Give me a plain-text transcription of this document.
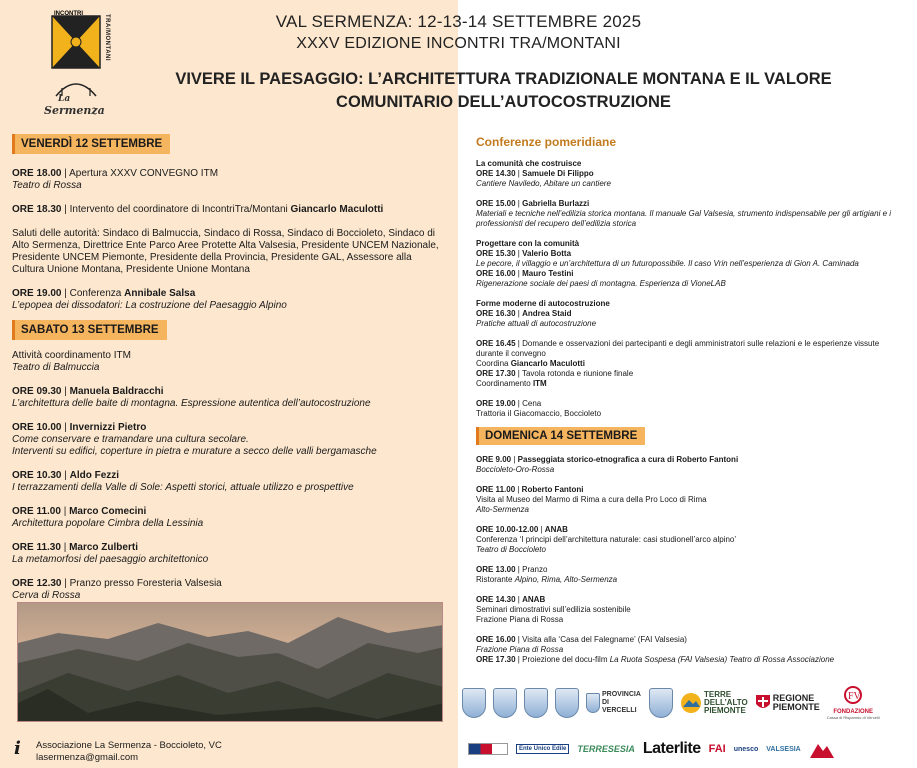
INCONTRI	TRA/MONTANI
La
Sermenza
VAL SERMENZA: 12-13-14 SETTEMBRE 2025
XXXV EDIZIONE INCONTRI TRA/MONTANI
VIVERE IL PAESAGGIO: L’ARCHITETTURA TRADIZIONALE MONTANA E IL VALORE
COMUNITARIO DELL’AUTOCOSTRUZIONE
VENERDÌ 12 SETTEMBRE
ORE 18.00 | Apertura XXXV CONVEGNO ITM
Teatro di Rossa
ORE 18.30 | Intervento del coordinatore di IncontriTra/Montani Giancarlo Maculotti
Saluti delle autorità: Sindaco di Balmuccia, Sindaco di Rossa, Sindaco di Boccioleto, Sindaco di Alto Sermenza, Direttrice Ente Parco Aree Protette Alta Valsesia, Presidente UNCEM Nazionale, Presidente UNCEM Piemonte, Presidente della Provincia, Presidente GAL, Assessore alla Cultura Unione Montana, Presidente Unione Montana
ORE 19.00 | Conferenza Annibale Salsa
L’epopea dei dissodatori: La costruzione del Paesaggio Alpino
SABATO 13 SETTEMBRE
Attività coordinamento ITM
Teatro di Balmuccia
ORE 09.30 | Manuela Baldracchi
L’architettura delle baite di montagna. Espressione autentica dell’autocostruzione
ORE 10.00 | Invernizzi Pietro
Come conservare e tramandare una cultura secolare.
Interventi su edifici, coperture in pietra e murature a secco delle valli bergamasche
ORE 10.30 | Aldo Fezzi
I terrazzamenti della Valle di Sole: Aspetti storici, attuale utilizzo e prospettive
ORE 11.00 | Marco Comecini
Architettura popolare Cimbra della Lessinia
ORE 11.30 | Marco Zulberti
La metamorfosi del paesaggio architettonico
ORE 12.30 | Pranzo presso Foresteria Valsesia
Cerva di Rossa
i Associazione La Sermenza - Boccioleto, VC
lasermenza@gmail.com
Conferenze pomeridiane
La comunità che costruisce
ORE 14.30 | Samuele Di Filippo
Cantiere Naviledo, Abitare un cantiere
ORE 15.00 | Gabriella Burlazzi
Materiali e tecniche nell’edilizia storica montana. Il manuale Gal Valsesia, strumento indispensabile per gli artigiani e i professionisti del recupero dell’edilizia storica
Progettare con la comunità
ORE 15.30 | Valerio Botta
Le pecore, il villaggio e un’architettura di un futuropossibile. Il caso Vrin nell’esperienza di Gion A. Caminada
ORE 16.00 | Mauro Testini
Rigenerazione sociale dei paesi di montagna. Esperienza di VioneLAB
Forme moderne di autocostruzione
ORE 16.30 | Andrea Staid
Pratiche attuali di autocostruzione
ORE 16.45 | Domande e osservazioni dei partecipanti e degli amministratori sulle relazioni e le esperienze vissute durante il convegno
Coordina Giancarlo Maculotti
ORE 17.30 | Tavola rotonda e riunione finale
Coordinamento ITM
ORE 19.00 | Cena
Trattoria il Giacomaccio, Boccioleto
DOMENICA 14 SETTEMBRE
ORE 9.00 | Passeggiata storico-etnografica a cura di Roberto Fantoni
Boccioleto-Oro-Rossa
ORE 11.00 | Roberto Fantoni
Visita al Museo del Marmo di Rima a cura della Pro Loco di Rima
Alto-Sermenza
ORE 10.00-12.00 | ANAB
Conferenza ‘I principi dell’architettura naturale: casi studionell’arco alpino’
Teatro di Boccioleto
ORE 13.00 | Pranzo
Ristorante Alpino, Rima, Alto-Sermenza
ORE 14.30 | ANAB
Seminari dimostrativi sull’edilizia sostenibile
Frazione Piana di Rossa
ORE 16.00 | Visita alla ‘Casa del Falegname’ (FAI Valsesia)
Frazione Piana di Rossa
ORE 17.30 | Proiezione del docu-film La Ruota Sospesa (FAI Valsesia) Teatro di Rossa Associazione
PROVINCIA DI VERCELLI
TERRE
DELL’ALTO
PIEMONTE
REGIONE
PIEMONTE
FV
FONDAZIONE
Cassa di Risparmio di Vercelli
Ente Unico Edile	TERRESESIA Laterlite FAI unesco VALSESIA
